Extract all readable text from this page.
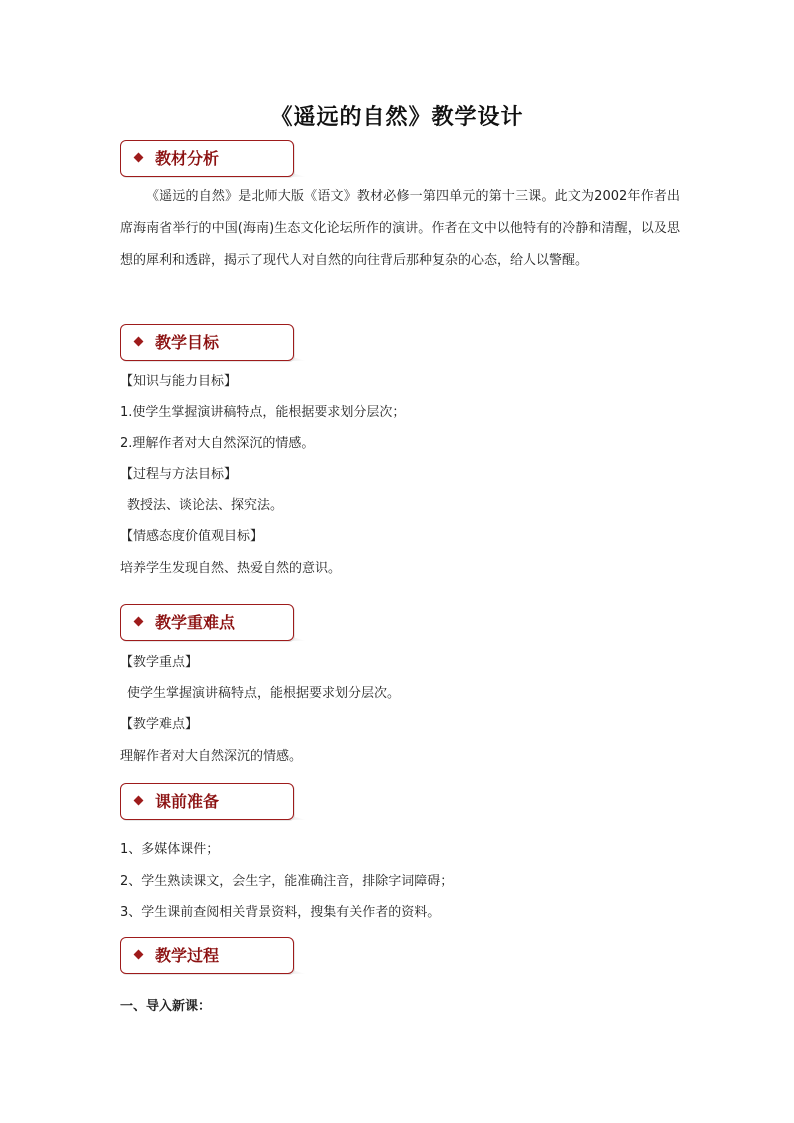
《遥远的自然》教学设计
教材分析
《遥远的自然》是北师大版《语文》教材必修一第四单元的第十三课。此文为2002年作者出席海南省举行的中国(海南)生态文化论坛所作的演讲。作者在文中以他特有的冷静和清醒，以及思想的犀利和透辟，揭示了现代人对自然的向往背后那种复杂的心态，给人以警醒。
教学目标
【知识与能力目标】
1.使学生掌握演讲稿特点，能根据要求划分层次；
2.理解作者对大自然深沉的情感。
【过程与方法目标】
教授法、谈论法、探究法。
【情感态度价值观目标】
培养学生发现自然、热爱自然的意识。
教学重难点
【教学重点】
使学生掌握演讲稿特点，能根据要求划分层次。
【教学难点】
理解作者对大自然深沉的情感。
课前准备
1、多媒体课件；
2、学生熟读课文，会生字，能准确注音，排除字词障碍；
3、学生课前查阅相关背景资料，搜集有关作者的资料。
教学过程
一、导入新课：
